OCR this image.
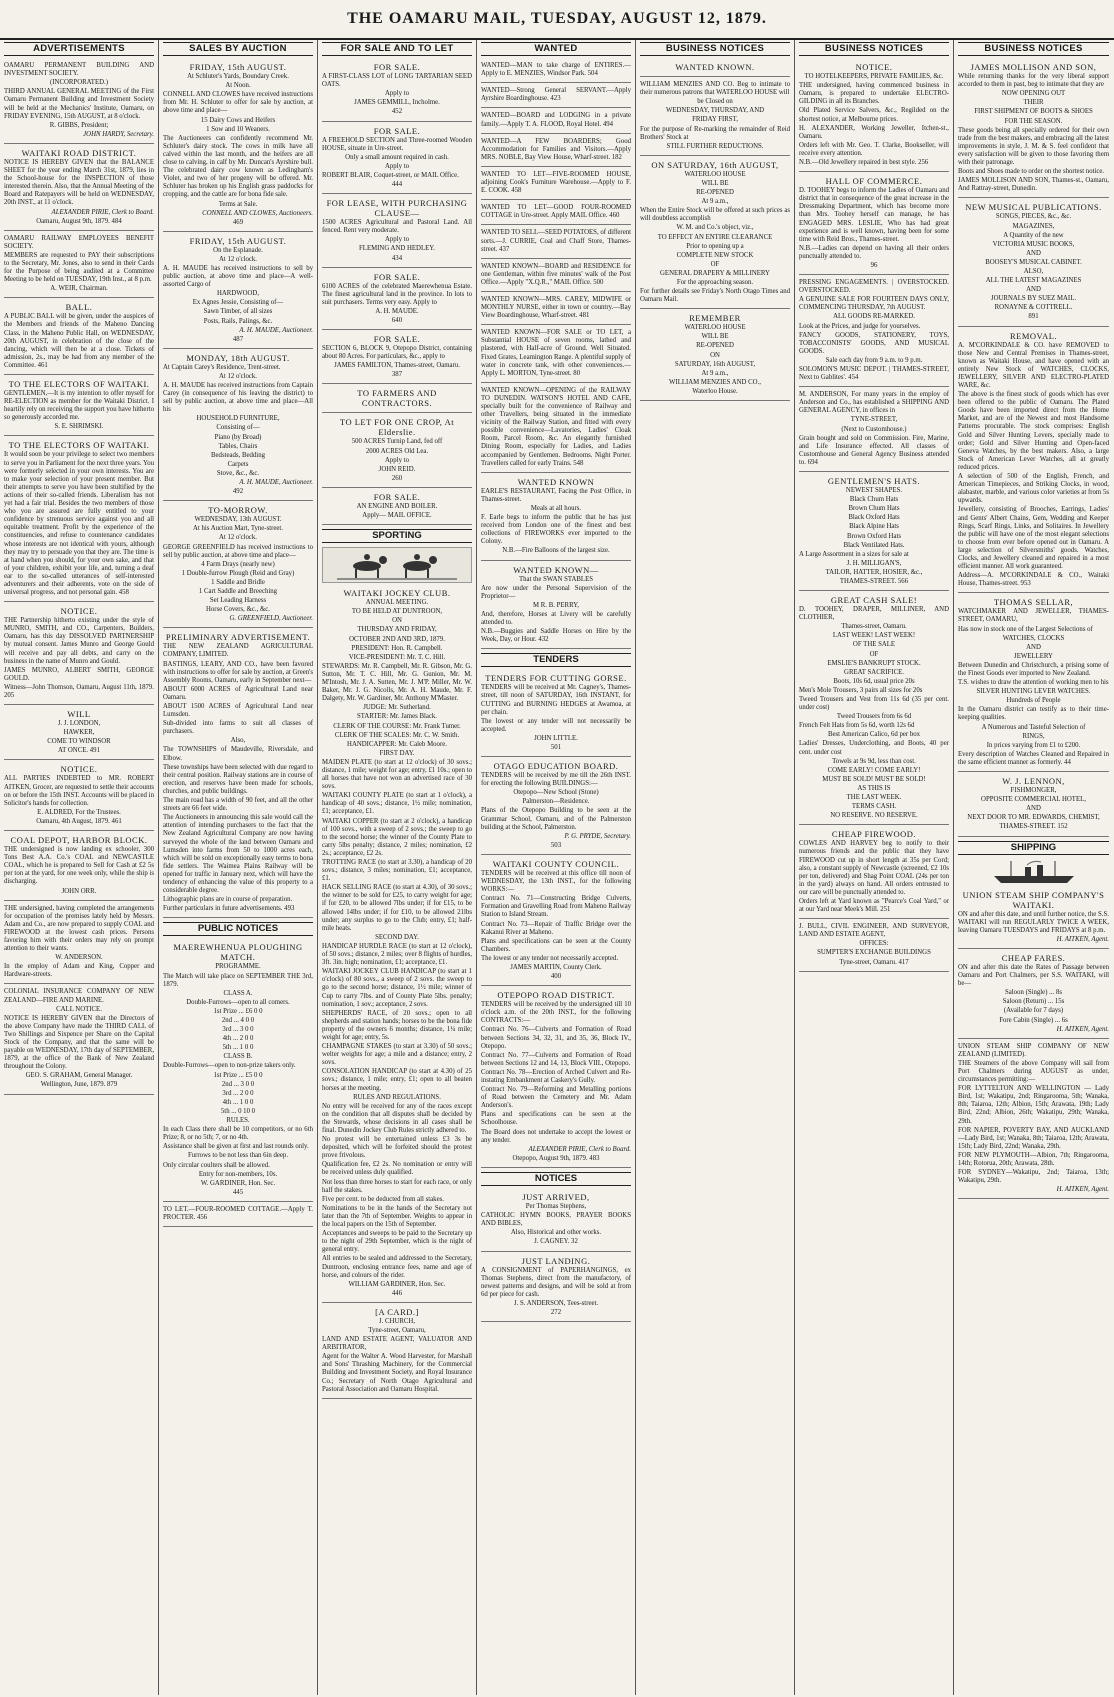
THE OAMARU MAIL, TUESDAY, AUGUST 12, 1879.
ADVERTISEMENTS

OAMARU PERMANENT BUILDING AND INVESTMENT SOCIETY.

(INCORPORATED.)

THIRD ANNUAL GENERAL MEETING of the First Oamaru Permanent Building and Investment Society will be held at the Mechanics' Institute, Oamaru, on FRIDAY EVENING, 15th AUGUST, at 8 o'clock.

R. GIBBS, President;

JOHN HARDY, Secretary.

WAITAKI ROAD DISTRICT.

NOTICE IS HEREBY GIVEN that the BALANCE SHEET for the year ending March 31st, 1879, lies in the School-house for the INSPECTION of those interested therein. Also, that the Annual Meeting of the Board and Ratepayers will be held on WEDNESDAY, 20th INST., at 11 o'clock.

ALEXANDER PIRIE, Clerk to Board.

Oamaru, August 9th, 1879. 484

OAMARU RAILWAY EMPLOYEES BENEFIT SOCIETY.

MEMBERS are requested to PAY their subscriptions to the Secretary, Mr. Jones, also to send in their Cards for the Purpose of being audited at a Committee Meeting to be held on TUESDAY, 19th Inst., at 8 p.m.

A. WEIR, Chairman.

BALL.

A PUBLIC BALL will be given, under the auspices of the Members and friends of the Maheno Dancing Class, in the Maheno Public Hall, on WEDNESDAY, 20th AUGUST, in celebration of the close of the dancing, which will then be at a close. Tickets of admission, 2s., may be had from any member of the Committee. 461

TO THE ELECTORS OF WAITAKI.

GENTLEMEN,—It is my intention to offer myself for RE-ELECTION as member for the Waitaki District. I heartily rely on receiving the support you have hitherto so generously accorded me.

S. E. SHRIMSKI.

TO THE ELECTORS OF WAITAKI.

It would soon be your privilege to select two members to serve you in Parliament for the next three years. You were formerly selected in your own interests. You are to make your selection of your present member. But their attempts to serve you have been stultified by the actions of their so-called friends. Liberalism has not yet had a fair trial. Besides the two members of those who you are assured are fully entitled to your confidence by strenuous service against you and all equitable treatment. Profit by the experience of the constituencies, and refuse to countenance candidates whose interests are not identical with yours, although they may try to persuade you that they are. The time is at hand when you should, for your own sake, and that of your children, exhibit your life, and, turning a deaf ear to the so-called utterances of self-interested adventurers and their adherents, vote on the side of universal progress, and not personal gain. 458

NOTICE.

THE Partnership hitherto existing under the style of MUNRO, SMITH, and CO., Carpenters, Builders, Oamaru, has this day DISSOLVED PARTNERSHIP by mutual consent. James Munro and George Gould will receive and pay all debts, and carry on the business in the name of Munro and Gould.

JAMES MUNRO, ALBERT SMITH, GEORGE GOULD.

Witness—John Thomson, Oamaru, August 11th, 1879. 205

WILL

J. J. LONDON,

HAWKER,

COME TO WINDSOR

AT ONCE. 491

NOTICE.

ALL PARTIES INDEBTED to MR. ROBERT AITKEN, Grocer, are requested to settle their accounts on or before the 15th INST. Accounts will be placed in Solicitor's hands for collection.

E. ALDRED, For the Trustees.

Oamaru, 4th August, 1879. 461

COAL DEPOT, HARBOR BLOCK.

THE undersigned is now landing ex schooler, 300 Tons Best A.A. Co.'s COAL and NEWCASTLE COAL, which he is prepared to Sell for Cash at £2 5s per ton at the yard, for one week only, while the ship is discharging.

JOHN ORR.

THE undersigned, having completed the arrangements for occupation of the premises lately held by Messrs. Adam and Co., are now prepared to supply COAL and FIREWOOD at the lowest cash prices. Persons favoring him with their orders may rely on prompt attention to their wants.

W. ANDERSON.

In the employ of Adam and King, Copper and Hardware-streets.

COLONIAL INSURANCE COMPANY OF NEW ZEALAND—FIRE AND MARINE.

CALL NOTICE.

NOTICE IS HEREBY GIVEN that the Directors of the above Company have made the THIRD CALL of Two Shillings and Sixpence per Share on the Capital Stock of the Company, and that the same will be payable on WEDNESDAY, 17th day of SEPTEMBER, 1879, at the office of the Bank of New Zealand throughout the Colony.

GEO. S. GRAHAM, General Manager.

Wellington, June, 1879. 879

SALES BY AUCTION

FRIDAY, 15th AUGUST.

At Schluter's Yards, Boundary Creek.

At Noon.

CONNELL AND CLOWES have received instructions from Mr. H. Schluter to offer for sale by auction, at above time and place—

15 Dairy Cows and Heifers

1 Sow and 10 Weaners.

The Auctioneers can confidently recommend Mr. Schluter's dairy stock. The cows in milk have all calved within the last month, and the heifers are all close to calving, in calf by Mr. Duncan's Ayrshire bull. The celebrated dairy cow known as Ledingham's Violet, and two of her progeny will be offered. Mr. Schluter has broken up his English grass paddocks for cropping, and the cattle are for bona fide sale.

Terms at Sale.

CONNELL AND CLOWES, Auctioneers.

469

FRIDAY, 15th AUGUST.

On the Esplanade.

At 12 o'clock.

A. H. MAUDE has received instructions to sell by public auction, at above time and place—A well-assorted Cargo of

HARDWOOD,

Ex Agnes Jessie, Consisting of—

Sawn Timber, of all sizes

Posts, Rails, Palings, &c.

A. H. MAUDE, Auctioneer.

487

MONDAY, 18th AUGUST.

At Captain Carey's Residence, Trent-street.

At 12 o'clock.

A. H. MAUDE has received instructions from Captain Carey (in consequence of his leaving the district) to sell by public auction, at above time and place—All his

HOUSEHOLD FURNITURE,

Consisting of—

Piano (by Broad)

Tables, Chairs

Bedsteads, Bedding

Carpets

Stove, &c., &c.

A. H. MAUDE, Auctioneer.

492

TO-MORROW.

WEDNESDAY, 13th AUGUST.

At his Auction Mart, Tyne-street.

At 12 o'clock.

GEORGE GREENFIELD has received instructions to sell by public auction, at above time and place—

4 Farm Drays (nearly new)

1 Double-furrow Plough (Reid and Gray)

1 Saddle and Bridle

1 Cart Saddle and Breeching

Set Leading Harness

Horse Covers, &c., &c.

G. GREENFIELD, Auctioneer.

PRELIMINARY ADVERTISEMENT.

THE NEW ZEALAND AGRICULTURAL COMPANY, LIMITED.

BASTINGS, LEARY, AND CO., have been favored with instructions to offer for sale by auction, at Green's Assembly Rooms, Oamaru, early in September next—

ABOUT 6000 ACRES of Agricultural Land near Oamaru.

ABOUT 1500 ACRES of Agricultural Land near Lumsden.

Sub-divided into farms to suit all classes of purchasers.

Also,

The TOWNSHIPS of Maudeville, Riversdale, and Elbow.

These townships have been selected with due regard to their central position. Railway stations are in course of erection, and reserves have been made for schools, churches, and public buildings.

The main road has a width of 90 feet, and all the other streets are 66 feet wide.

The Auctioneers in announcing this sale would call the attention of intending purchasers to the fact that the New Zealand Agricultural Company are now having surveyed the whole of the land between Oamaru and Lumsden into farms from 50 to 1000 acres each, which will be sold on exceptionally easy terms to bona fide settlers. The Waimea Plains Railway will be opened for traffic in January next, which will have the tendency of enhancing the value of this property to a considerable degree.

Lithographic plans are in course of preparation.

Further particulars in future advertisements. 493

PUBLIC NOTICES

MAEREWHENUA PLOUGHING MATCH.

PROGRAMME.

The Match will take place on SEPTEMBER THE 3rd, 1879.

CLASS A.

Double-Furrows—open to all comers.

1st Prize ... £6 0 0

2nd ... 4 0 0

3rd ... 3 0 0

4th ... 2 0 0

5th ... 1 0 0

CLASS B.

Double-Furrows—open to non-prize takers only.

1st Prize ... £5 0 0

2nd ... 3 0 0

3rd ... 2 0 0

4th ... 1 0 0

5th ... 0 10 0

RULES.

In each Class there shall be 10 competitors, or no 6th Prize; 8, or no 5th; 7, or no 4th.

Assistance shall be given at first and last rounds only.

Furrows to be not less than 6in deep.

Only circular coulters shall be allowed.

Entry for non-members, 10s.

W. GARDINER, Hon. Sec.

445

TO LET.—FOUR-ROOMED COTTAGE.—Apply T. PROCTER. 456

FOR SALE AND TO LET

FOR SALE.

A FIRST-CLASS LOT of LONG TARTARIAN SEED OATS.

Apply to

JAMES GEMMILL, Incholme.

452

FOR SALE.

A FREEHOLD SECTION and Three-roomed Wooden HOUSE, situate in Ure-street.

Only a small amount required in cash.

Apply to

ROBERT BLAIR, Coquet-street, or MAIL Office.

444

FOR LEASE, WITH PURCHASING CLAUSE—

1500 ACRES Agricultural and Pastoral Land. All fenced. Rent very moderate.

Apply to

FLEMING AND HEDLEY.

434

FOR SALE.

6100 ACRES of the celebrated Maerewhenua Estate. The finest agricultural land in the province. In lots to suit purchasers. Terms very easy. Apply to

A. H. MAUDE.

640

FOR SALE.

SECTION 6, BLOCK 9, Otepopo District, containing about 80 Acres. For particulars, &c., apply to

JAMES FAMILTON, Thames-street, Oamaru.

387

TO FARMERS AND CONTRACTORS.

TO LET FOR ONE CROP, At Elderslie.

500 ACRES Turnip Land, fed off

2000 ACRES Old Lea.

Apply to

JOHN REID.

260

FOR SALE.

AN ENGINE AND BOILER.

Apply— MAIL OFFICE.

SPORTING

WAITAKI JOCKEY CLUB.

ANNUAL MEETING.

TO BE HELD AT DUNTROON,

ON

THURSDAY AND FRIDAY,

OCTOBER 2ND AND 3RD, 1879.

PRESIDENT: Hon. R. Campbell.

VICE-PRESIDENT: Mr. T. C. Hill.

STEWARDS: Mr. R. Campbell, Mr. R. Gibson, Mr. G. Sutton, Mr. T. C. Hill, Mr. G. Gunion, Mr. M. M'Intosh, Mr. J. A. Sutten, Mr. J. M'P. Miller, Mr. W. Baker, Mr. J. G. Nicolls, Mr. A. H. Maude, Mr. F. Dalgety, Mr. W. Gardiner, Mr. Anthony M'Master.

JUDGE: Mr. Sutherland.

STARTER: Mr. James Black.

CLERK OF THE COURSE: Mr. Frank Tumer.

CLERK OF THE SCALES: Mr. C. W. Smith.

HANDICAPPER: Mr. Caleb Moore.

FIRST DAY.

MAIDEN PLATE (to start at 12 o'clock) of 30 sovs.; distance, 1 mile; weight for age; entry, £1 10s.; open to all horses that have not won an advertised race of 30 sovs.

WAITAKI COUNTY PLATE (to start at 1 o'clock), a handicap of 40 sovs.; distance, 1½ mile; nomination, £1; acceptance, £1.

WAITAKI COPPER (to start at 2 o'clock), a handicap of 100 sovs., with a sweep of 2 sovs.; the sweep to go to the second horse; the winner of the County Plate to carry 5lbs penalty; distance, 2 miles; nomination, £2 2s.; acceptance, £2 2s.

TROTTING RACE (to start at 3.30), a handicap of 20 sovs.; distance, 3 miles; nomination, £1; acceptance, £1.

HACK SELLING RACE (to start at 4.30), of 30 sovs.; the winner to be sold for £25, to carry weight for age; if for £20, to be allowed 7lbs under; if for £15, to be allowed 14lbs under; if for £10, to be allowed 21lbs under; any surplus to go to the Club; entry, £1; half-mile heats.

SECOND DAY.

HANDICAP HURDLE RACE (to start at 12 o'clock), of 50 sovs.; distance, 2 miles; over 8 flights of hurdles, 3ft. 3in. high; nomination, £1; acceptance, £1.

WAITAKI JOCKEY CLUB HANDICAP (to start at 1 o'clock) of 80 sovs., a sweep of 2 sovs. the sweep to go to the second horse; distance, 1½ mile; winner of Cup to carry 7lbs. and of County Plate 5lbs. penalty; nomination, 1 sov.; acceptance, 2 sovs.

SHEPHERDS' RACE, of 20 sovs.; open to all shepherds and station hands; horses to be the bona fide property of the owners 6 months; distance, 1¼ mile; weight for age; entry, 5s.

CHAMPAGNE STAKES (to start at 3.30) of 50 sovs.; welter weights for age; a mile and a distance; entry, 2 sovs.

CONSOLATION HANDICAP (to start at 4.30) of 25 sovs.; distance, 1 mile; entry, £1; open to all beaten horses at the meeting.

RULES AND REGULATIONS.

No entry will be received for any of the races except on the condition that all disputes shall be decided by the Stewards, whose decisions in all cases shall be final. Dunedin Jockey Club Rules strictly adhered to.

No protest will be entertained unless £3 3s be deposited, which will be forfeited should the protest prove frivolous.

Qualification fee, £2 2s. No nomination or entry will be received unless duly qualified.

Not less than three horses to start for each race, or only half the stakes.

Five per cent. to be deducted from all stakes.

Nominations to be in the hands of the Secretary not later than the 7th of September. Weights to appear in the local papers on the 15th of September.

Acceptances and sweeps to be paid to the Secretary up to the night of 29th September, which is the night of general entry.

All entries to be sealed and addressed to the Secretary, Duntroon, enclosing entrance fees, name and age of horse, and colours of the rider.

WILLIAM GARDINER, Hon. Sec.

446

[A CARD.]

J. CHURCH,

Tyne-street, Oamaru,

LAND AND ESTATE AGENT, VALUATOR AND ARBITRATOR,

Agent for the Walter A. Wood Harvester, for Marshall and Sons' Thrashing Machinery, for the Commercial Building and Investment Society, and Royal Insurance Co.; Secretary of North Otago Agricultural and Pastoral Association and Oamaru Hospital.

WANTED

WANTED—MAN to take charge of ENTIRES.—Apply to E. MENZIES, Windsor Park. 504

WANTED—Strong General SERVANT.—Apply Ayrshire Boardinghouse. 423

WANTED—BOARD and LODGING in a private family.—Apply T. A. FLOOD, Royal Hotel. 494

WANTED—A FEW BOARDERS; Good Accommodation for Families and Visitors.—Apply MRS. NOBLE, Bay View House, Wharf-street. 182

WANTED TO LET—FIVE-ROOMED HOUSE, adjoining Cook's Furniture Warehouse.—Apply to F. E. COOK. 458

WANTED TO LET—GOOD FOUR-ROOMED COTTAGE in Ure-street. Apply MAIL Office. 460

WANTED TO SELL—SEED POTATOES, of different sorts.—J. CURRIE, Coal and Chaff Store, Thames-street. 437

WANTED KNOWN—BOARD and RESIDENCE for one Gentleman, within five minutes' walk of the Post Office.—Apply "X.Q.R.," MAIL Office. 500

WANTED KNOWN—MRS. CAREY, MIDWIFE or MONTHLY NURSE, either in town or country.—Bay View Boardinghouse, Wharf-street. 481

WANTED KNOWN—FOR SALE or TO LET, a Substantial HOUSE of seven rooms, lathed and plastered, with Half-acre of Ground. Well Situated. Fixed Grates, Leamington Range. A plentiful supply of water in concrete tank, with other conveniences.—Apply L. MORTON, Tyne-street. 80

WANTED KNOWN—OPENING of the RAILWAY TO DUNEDIN. WATSON'S HOTEL AND CAFE, specially built for the convenience of Railway and other Travellers, being situated in the immediate vicinity of the Railway Station, and fitted with every possible convenience—Lavatories, Ladies' Cloak Room, Parcel Room, &c. An elegantly furnished Dining Room, especially for Ladies, and Ladies accompanied by Gentlemen. Bedrooms. Night Porter. Travellers called for early Trains. 548

WANTED KNOWN

EARLE'S RESTAURANT, Facing the Post Office, in Thames-street.

Meals at all hours.

F. Earle begs to inform the public that he has just received from London one of the finest and best collections of FIREWORKS ever imported to the Colony.

N.B.—Fire Balloons of the largest size.

WANTED KNOWN—

That the SWAN STABLES

Are now under the Personal Supervision of the Proprietor—

M R. B. PERRY,

And, therefore, Horses at Livery will be carefully attended to.

N.B.—Buggies and Saddle Horses on Hire by the Week, Day, or Hour. 432

TENDERS

TENDERS FOR CUTTING GORSE.

TENDERS will be received at Mr. Cagney's, Thames-street, till noon of SATURDAY, 16th INSTANT, for CUTTING and BURNING HEDGES at Awamoa, at per chain.

The lowest or any tender will not necessarily be accepted.

JOHN LITTLE.

501

OTAGO EDUCATION BOARD.

TENDERS will be received by me till the 26th INST. for erecting the following BUILDINGS:—

Otepopo—New School (Stone)

Palmerston—Residence.

Plans of the Otepopo Building to be seen at the Grammar School, Oamaru, and of the Palmerston building at the School, Palmerston.

P. G. PRYDE, Secretary.

503

WAITAKI COUNTY COUNCIL.

TENDERS will be received at this office till noon of WEDNESDAY, the 13th INST., for the following WORKS:—

Contract No. 71—Constructing Bridge Culverts, Formation and Gravelling Road from Maheno Railway Station to Island Stream.

Contract No. 73—Repair of Traffic Bridge over the Kakanui River at Maheno.

Plans and specifications can be seen at the County Chambers.

The lowest or any tender not necessarily accepted.

JAMES MARTIN, County Clerk.

400

OTEPOPO ROAD DISTRICT.

TENDERS will be received by the undersigned till 10 o'clock a.m. of the 20th INST., for the following CONTRACTS:—

Contract No. 76—Culverts and Formation of Road between Sections 34, 32, 31, and 35, 36, Block IV., Otepopo.

Contract No. 77—Culverts and Formation of Road between Sections 12 and 14, 13, Block VIII., Otepopo.

Contract No. 78—Erection of Arched Culvert and Re-instating Embankment at Caskery's Gully.

Contract No. 79—Reforming and Metalling portions of Road between the Cemetery and Mr. Adam Anderson's.

Plans and specifications can be seen at the Schoolhouse.

The Board does not undertake to accept the lowest or any tender.

ALEXANDER PIRIE, Clerk to Board.

Otepopo, August 9th, 1879. 483

NOTICES

JUST ARRIVED,

Per Thomas Stephens,

CATHOLIC HYMN BOOKS, PRAYER BOOKS AND BIBLES,

Also, Historical and other works.

J. CAGNEY. 32

JUST LANDING.

A CONSIGNMENT of PAPERHANGINGS, ex Thomas Stephens, direct from the manufactory, of newest patterns and designs, and will be sold at from 6d per piece for cash.

J. S. ANDERSON, Tees-street.

272

BUSINESS NOTICES

WANTED KNOWN.

WILLIAM MENZIES AND CO. Beg to intimate to their numerous patrons that WATERLOO HOUSE will

be Closed on

WEDNESDAY, THURSDAY, AND

FRIDAY FIRST,

For the purpose of Re-marking the remainder of Reid Brothers' Stock at

STILL FURTHER REDUCTIONS.

ON SATURDAY, 16th AUGUST,

WATERLOO HOUSE

WILL BE

RE-OPENED

At 9 a.m.,

When the Entire Stock will be offered at such prices as will doubtless accomplish

W. M. and Co.'s object, viz.,

TO EFFECT AN ENTIRE CLEARANCE

Prior to opening up a

COMPLETE NEW STOCK

OF

GENERAL DRAPERY & MILLINERY

For the approaching season.

For further details see Friday's North Otago Times and Oamaru Mail.

REMEMBER

WATERLOO HOUSE

WILL BE

RE-OPENED

ON

SATURDAY, 16th AUGUST,

At 9 a.m.,

WILLIAM MENZIES AND CO.,

Waterloo House.

BUSINESS NOTICES

NOTICE.

TO HOTELKEEPERS, PRIVATE FAMILIES, &c.

THE undersigned, having commenced business in Oamaru, is prepared to undertake ELECTRO-GILDING in all its Branches.

Old Plated Service Salvers, &c., Regilded on the shortest notice, at Melbourne prices.

H. ALEXANDER, Working Jeweller, Itchen-st., Oamaru.

Orders left with Mr. Geo. T. Clarke, Bookseller, will receive every attention.

N.B.—Old Jewellery repaired in best style. 256

HALL OF COMMERCE.

D. TOOHEY begs to inform the Ladies of Oamaru and district that in consequence of the great increase in the Dressmaking Department, which has become more than Mrs. Toohey herself can manage, he has ENGAGED MRS. LESLIE, Who has had great experience and is well known, having been for some time with Reid Bros., Thames-street.

N.B.—Ladies can depend on having all their orders punctually attended to.

96

PRESSING ENGAGEMENTS. | OVERSTOCKED. OVERSTOCKED.

A GENUINE SALE FOR FOURTEEN DAYS ONLY, COMMENCING THURSDAY, 7th AUGUST.

ALL GOODS RE-MARKED.

Look at the Prices, and judge for yourselves.

FANCY GOODS, STATIONERY, TOYS, TOBACCONISTS' GOODS, AND MUSICAL GOODS.

Sale each day from 9 a.m. to 9 p.m.

SOLOMON'S MUSIC DEPOT. | THAMES-STREET, Next to Gablites'. 454

M. ANDERSON, For many years in the employ of Anderson and Co., has established a SHIPPING AND GENERAL AGENCY, in offices in

TYNE-STREET,

(Next to Customhouse.)

Grain bought and sold on Commission. Fire, Marine, and Life Insurance effected. All classes of Customhouse and General Agency Business attended to. 694

GENTLEMEN'S HATS.

NEWEST SHAPES.

Black Chum Hats

Brown Chum Hats

Black Oxford Hats

Black Alpine Hats

Brown Oxford Hats

Black Ventilated Hats.

A Large Assortment in a sizes for sale at

J. H. MILLIGAN'S,

TAILOR, HATTER, HOSIER, &c.,

THAMES-STREET. 566

GREAT CASH SALE!

D. TOOHEY, DRAPER, MILLINER, AND CLOTHIER,

Thames-street, Oamaru.

LAST WEEK! LAST WEEK!

OF THE SALE

OF

EMSLIE'S BANKRUPT STOCK.

GREAT SACRIFICE.

Boots, 10s 6d, usual price 20s

Men's Mole Trousers, 3 pairs all sizes for 20s

Tweed Trousers and Vest from 11s 6d (35 per cent. under cost)

Tweed Trousers from 6s 6d

French Felt Hats from 5s 6d, worth 12s 6d

Best American Calico, 6d per box

Ladies' Dresses, Underclothing, and Boots, 40 per cent. under cost

Towels at 9s 9d, less than cost.

COME EARLY! COME EARLY!

MUST BE SOLD! MUST BE SOLD!

AS THIS IS

THE LAST WEEK.

TERMS CASH.

NO RESERVE. NO RESERVE.

CHEAP FIREWOOD.

COWLES AND HARVEY beg to notify to their numerous friends and the public that they have FIREWOOD cut up in short length at 35s per Cord; also, a constant supply of Newcastle (screened, £2 10s per ton, delivered) and Shag Point COAL (24s per ton in the yard) always on hand. All orders entrusted to our care will be punctually attended to.

Orders left at Yard known as "Pearce's Coal Yard," or at our Yard near Meek's Mill. 251

J. BULL, CIVIL ENGINEER, AND SURVEYOR, LAND AND ESTATE AGENT,

OFFICES:

SUMPTER'S EXCHANGE BUILDINGS

Tyne-street, Oamaru. 417

BUSINESS NOTICES

JAMES MOLLISON AND SON,

While returning thanks for the very liberal support accorded to them in past, beg to intimate that they are

NOW OPENING OUT

THEIR

FIRST SHIPMENT OF BOOTS & SHOES

FOR THE SEASON.

These goods being all specially ordered for their own trade from the best makers, and embracing all the latest improvements in style, J. M. & S. feel confident that every satisfaction will be given to those favoring them with their patronage.

Boots and Shoes made to order on the shortest notice.

JAMES MOLLISON AND SON, Thames-st., Oamaru, And Rattray-street, Dunedin.

NEW MUSICAL PUBLICATIONS.

SONGS, PIECES, &c., &c.

MAGAZINES,

A Quantity of the new

VICTORIA MUSIC BOOKS,

AND

BOOSEY'S MUSICAL CABINET.

ALSO,

ALL THE LATEST MAGAZINES

AND

JOURNALS BY SUEZ MAIL.

RONAYNE & COTTRELL.

891

REMOVAL.

A. M'CORKINDALE & CO. have REMOVED to those New and Central Premises in Thames-street, known as Waitaki House, and have opened with an entirely New Stock of WATCHES, CLOCKS, JEWELLERY, SILVER AND ELECTRO-PLATED WARE, &c.

The above is the finest stock of goods which has ever been offered to the public of Oamaru. The Plated Goods have been imported direct from the Home Market, and are of the Newest and most Handsome Patterns procurable. The stock comprises: English Gold and Silver Hunting Levers, specially made to order; Gold and Silver Hunting and Open-faced Geneva Watches, by the best makers. Also, a large Stock of American Lever Watches, all at greatly reduced prices.

A selection of 500 of the English, French, and American Timepieces, and Striking Clocks, in wood, alabaster, marble, and various color varieties at from 5s upwards.

Jewellery, consisting of Brooches, Earrings, Ladies' and Gents' Albert Chains, Gem, Wedding and Keeper Rings, Scarf Rings, Links, and Solitaires. In Jewellery the public will have one of the most elegant selections to choose from ever before opened out in Oamaru. A large selection of Silversmiths' goods. Watches, Clocks, and Jewellery cleaned and repaired in a most efficient manner. All work guaranteed.

Address—A. M'CORKINDALE & CO., Waitaki House, Thames-street. 953

THOMAS SELLAR,

WATCHMAKER AND JEWELLER, THAMES-STREET, OAMARU,

Has now in stock one of the Largest Selections of

WATCHES, CLOCKS

AND

JEWELLERY

Between Dunedin and Christchurch, a prising some of the Finest Goods ever imported to New Zealand.

T.S. wishes to draw the attention of working men to his

SILVER HUNTING LEVER WATCHES.

Hundreds of People

In the Oamaru district can testify as to their time-keeping qualities.

A Numerous and Tasteful Selection of

RINGS,

In prices varying from £1 to £200.

Every description of Watches Cleaned and Repaired in the same efficient manner as formerly. 44

W. J. LENNON,

FISHMONGER,

OPPOSITE COMMERCIAL HOTEL,

AND

NEXT DOOR TO MR. EDWARDS, CHEMIST,

THAMES-STREET. 152

SHIPPING

UNION STEAM SHIP COMPANY'S WAITAKI.

ON and after this date, and until further notice, the S.S. WAITAKI will run REGULARLY TWICE A WEEK, leaving Oamaru TUESDAYS and FRIDAYS at 8 p.m.

H. AITKEN, Agent.

CHEAP FARES.

ON and after this date the Rates of Passage between Oamaru and Port Chalmers, per S.S. WAITAKI, will be—

Saloon (Single) ... 8s

Saloon (Return) ... 15s

(Available for 7 days)

Fore Cabin (Single) ... 6s

H. AITKEN, Agent.

UNION STEAM SHIP COMPANY OF NEW ZEALAND (LIMITED).

THE Steamers of the above Company will sail from Port Chalmers during AUGUST as under, circumstances permitting:—

FOR LYTTELTON AND WELLINGTON — Lady Bird, 1st; Wakatipu, 2nd; Ringarooma, 5th; Wanaka, 8th; Taiaroa, 12th; Albion, 15th; Arawata, 19th; Lady Bird, 22nd; Albion, 26th; Wakatipu, 29th; Wanaka, 29th.

FOR NAPIER, POVERTY BAY, AND AUCKLAND—Lady Bird, 1st; Wanaka, 8th; Taiaroa, 12th; Arawata, 15th; Lady Bird, 22nd; Wanaka, 29th.

FOR NEW PLYMOUTH—Albion, 7th; Ringarooma, 14th; Rotorua, 20th; Arawata, 28th.

FOR SYDNEY—Wakatipu, 2nd; Taiaroa, 13th; Wakatipu, 29th.

H. AITKEN, Agent.
